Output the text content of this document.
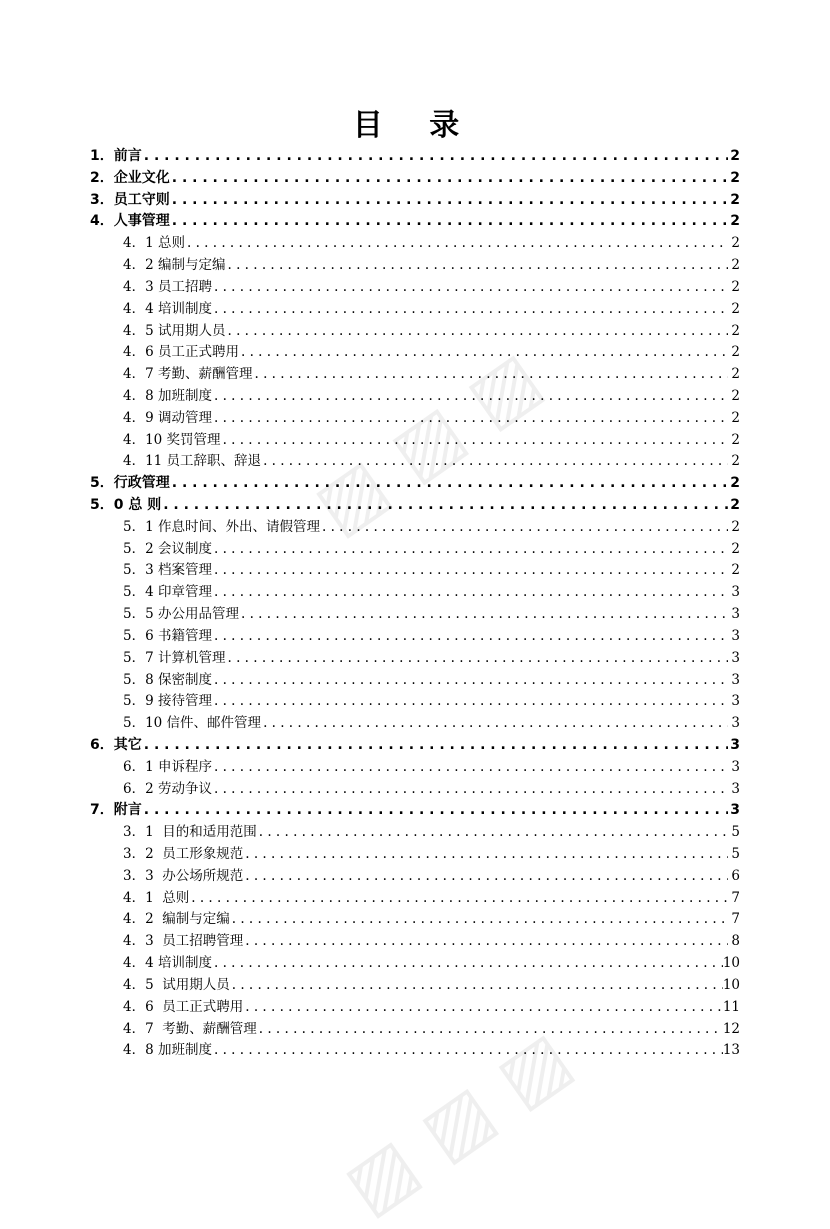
▨ ▨ ▨
▨ ▨ ▨
目 录
1．前言 . . .	2
2．企业文化 . . .	2
3．员工守则 . . .	2
4．人事管理 . . .	2
4．1 总则 . . .	2
4．2 编制与定编 . . .	2
4．3 员工招聘 . . .	2
4．4 培训制度 . . .	2
4．5 试用期人员 . . .	2
4．6 员工正式聘用 . . .	2
4．7 考勤、薪酬管理 . . .	2
4．8 加班制度 . . .	2
4．9 调动管理 . . .	2
4．10 奖罚管理 . . .	2
4．11 员工辞职、辞退 . . .	2
5．行政管理 . . .	2
5．0 总 则 . . .	2
5．1 作息时间、外出、请假管理 . . .	2
5．2 会议制度 . . .	2
5．3 档案管理 . . .	2
5．4 印章管理 . . .	3
5．5 办公用品管理 . . .	3
5．6 书籍管理 . . .	3
5．7 计算机管理 . . .	3
5．8 保密制度 . . .	3
5．9 接待管理 . . .	3
5．10 信件、邮件管理 . . .	3
6．其它 . . .	3
6．1 申诉程序 . . .	3
6．2 劳动争议 . . .	3
7．附言 . . .	3
3．1  目的和适用范围 . . .	5
3．2  员工形象规范 . . .	5
3．3  办公场所规范 . . .	6
4．1  总则 . . .	7
4．2  编制与定编 . . .	7
4．3  员工招聘管理 . . .	8
4．4 培训制度 . . .	10
4．5  试用期人员 . . .	10
4．6  员工正式聘用 . . .	11
4．7  考勤、薪酬管理 . . .	12
4．8 加班制度 . . .	13
